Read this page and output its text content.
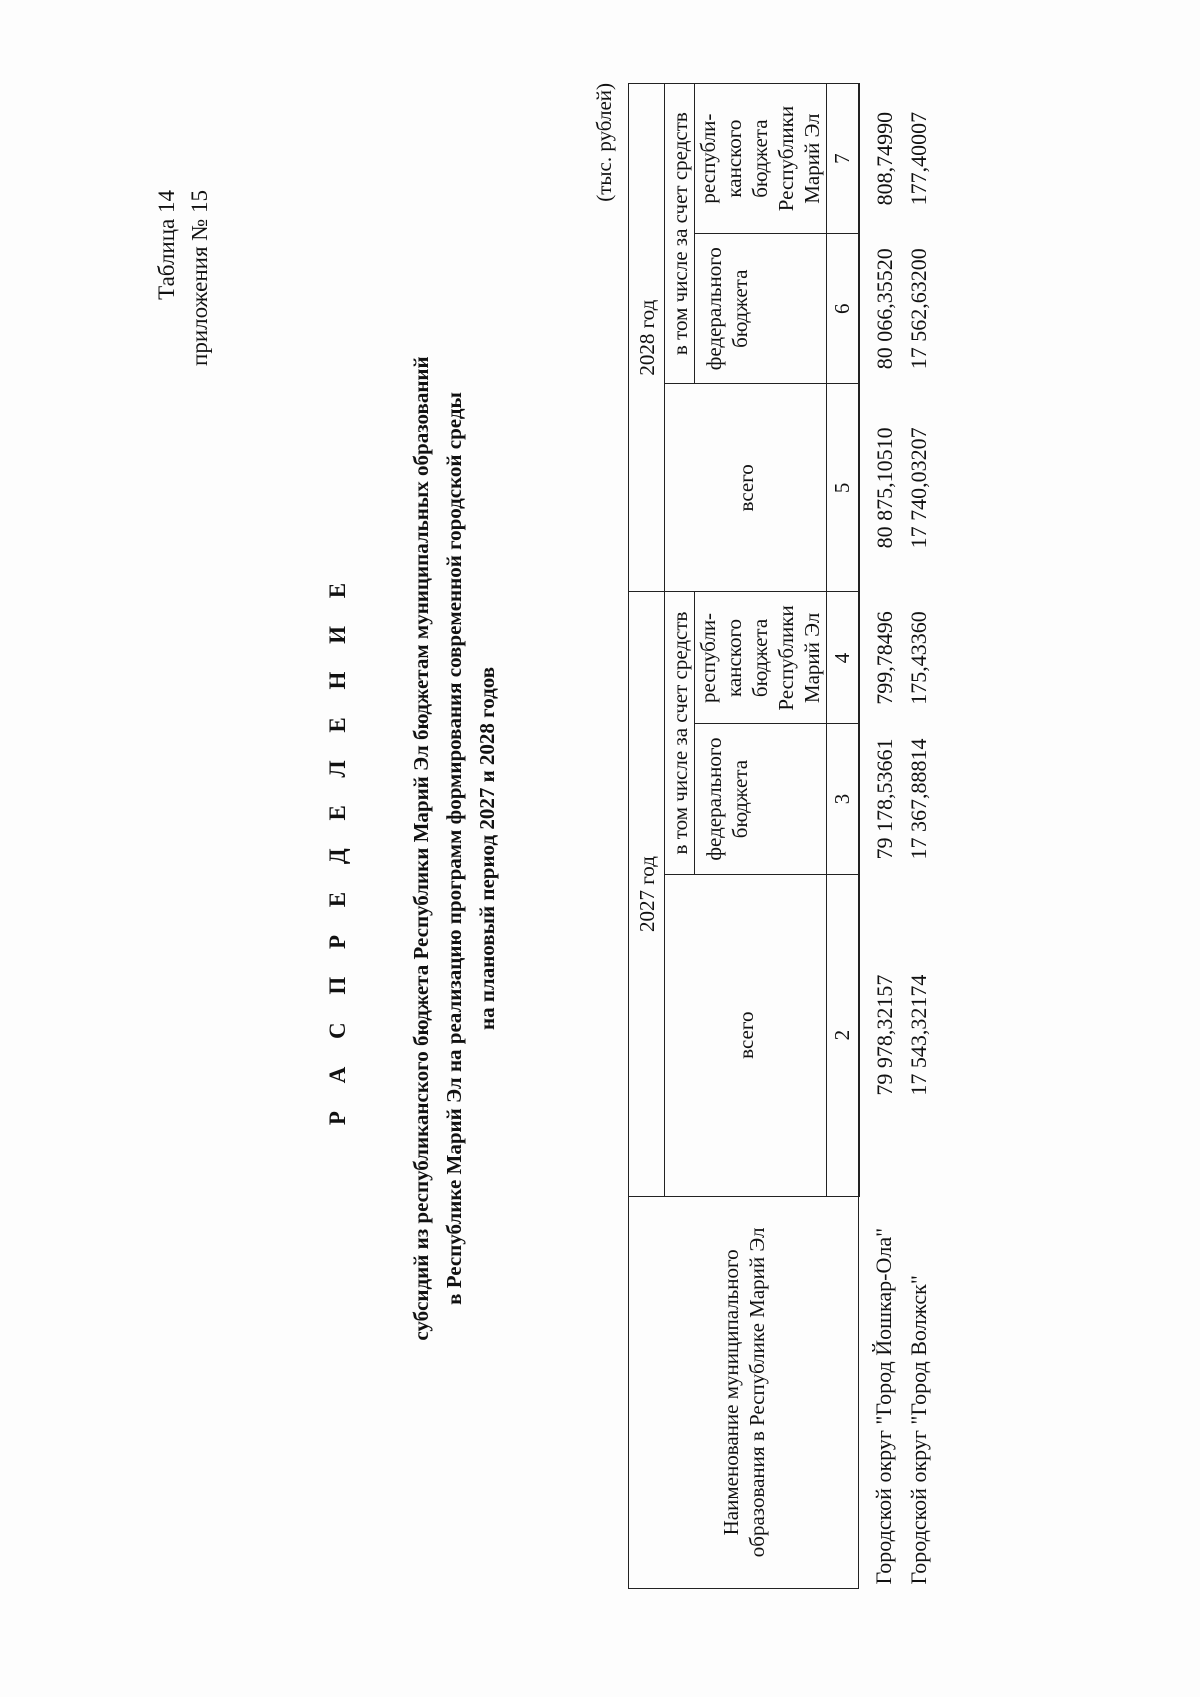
Таблица 14 приложения № 15
Р А С П Р Е Д Е Л Е Н И Е	субсидий из республиканского бюджета Республики Марий Эл бюджетам муниципальных образований в Республике Марий Эл на реализацию программ формирования современной городской среды на плановый период 2027 и 2028 годов
(тыс. рублей)
Наименование муниципального образования в Республике Марий Эл	2027 год			2028 год		
	всего	в том числе за счет средств		всего	в том числе за счет средств	
		федерального бюджета	республи-канского бюджета Республики Марий Эл		федерального бюджета	республи-канского бюджета Республики Марий Эл
	2	3	4	5	6	7
Городской округ "Город Йошкар-Ола"	79 978,32157	79 178,53661	799,78496	80 875,10510	80 066,35520	808,74990
Городской округ "Город Волжск"	17 543,32174	17 367,88814	175,43360	17 740,03207	17 562,63200	177,40007
